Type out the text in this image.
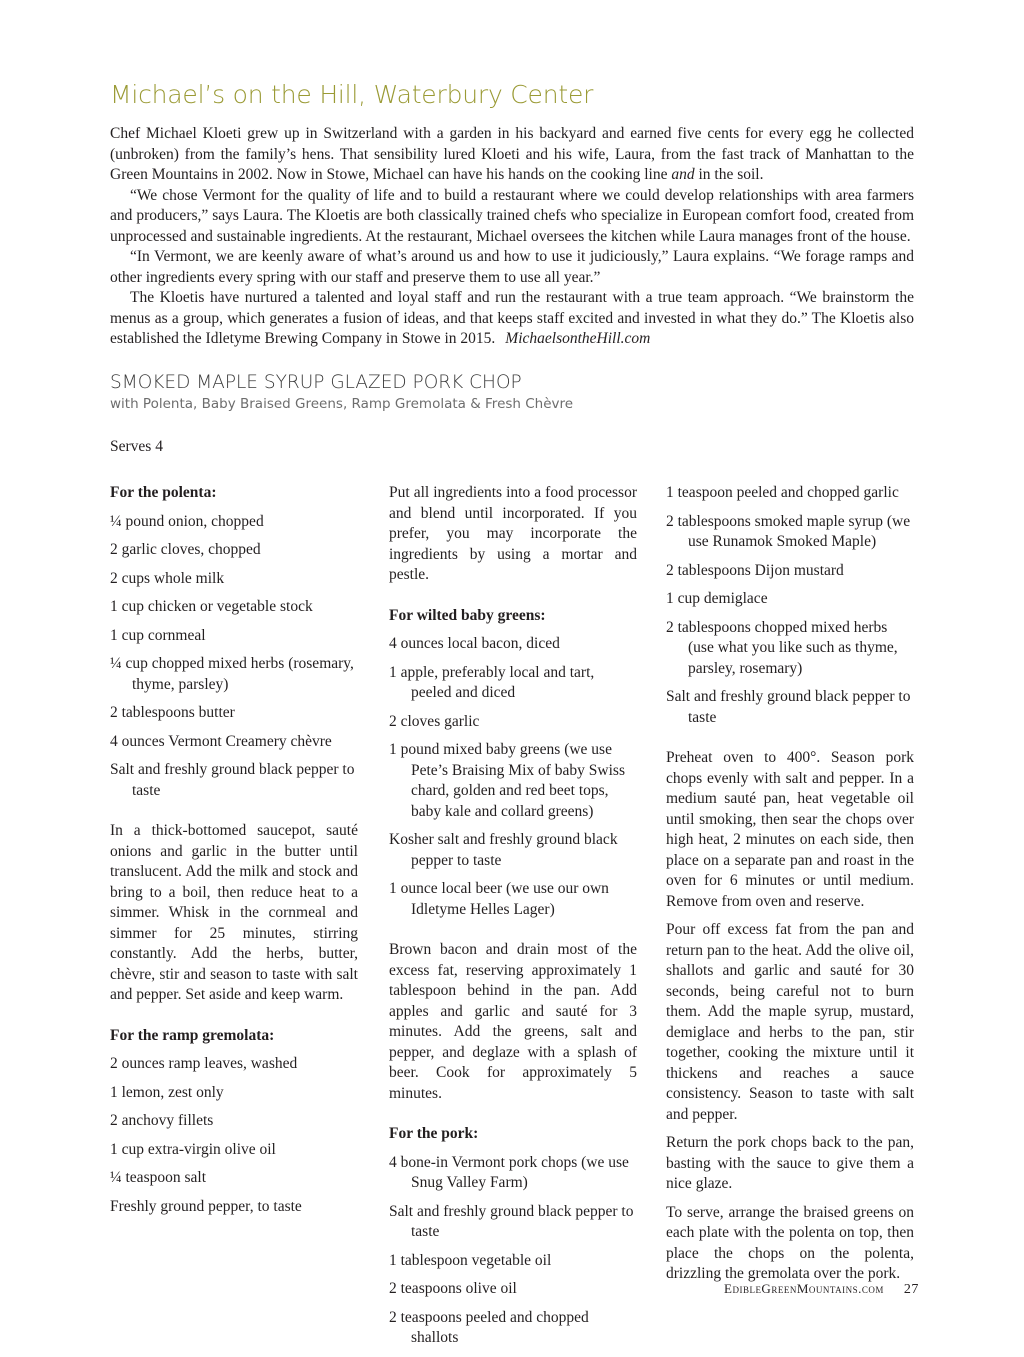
Michael’s on the Hill, Waterbury Center

Chef Michael Kloeti grew up in Switzerland with a garden in his backyard and earned five cents for every egg he collected (unbroken) from the family’s hens. That sensibility lured Kloeti and his wife, Laura, from the fast track of Manhattan to the Green Mountains in 2002. Now in Stowe, Michael can have his hands on the cooking line and in the soil.

“We chose Vermont for the quality of life and to build a restaurant where we could develop relationships with area farmers and producers,” says Laura. The Kloetis are both classically trained chefs who specialize in European comfort food, created from unprocessed and sustainable ingredients. At the restaurant, Michael oversees the kitchen while Laura manages front of the house.

“In Vermont, we are keenly aware of what’s around us and how to use it judiciously,” Laura explains. “We forage ramps and other ingredients every spring with our staff and preserve them to use all year.”

The Kloetis have nurtured a talented and loyal staff and run the restaurant with a true team approach. “We brainstorm the menus as a group, which generates a fusion of ideas, and that keeps staff excited and invested in what they do.” The Kloetis also established the Idletyme Brewing Company in Stowe in 2015. MichaelsontheHill.com

SMOKED MAPLE SYRUP GLAZED PORK CHOP

with Polenta, Baby Braised Greens, Ramp Gremolata & Fresh Chèvre

Serves 4

For the polenta:

¼ pound onion, chopped

2 garlic cloves, chopped

2 cups whole milk

1 cup chicken or vegetable stock

1 cup cornmeal

¼ cup chopped mixed herbs (rosemary, thyme, parsley)

2 tablespoons butter

4 ounces Vermont Creamery chèvre

Salt and freshly ground black pepper to taste

In a thick-bottomed saucepot, sauté onions and garlic in the butter until translucent. Add the milk and stock and bring to a boil, then reduce heat to a simmer. Whisk in the cornmeal and simmer for 25 minutes, stirring constantly. Add the herbs, butter, chèvre, stir and season to taste with salt and pepper. Set aside and keep warm.

For the ramp gremolata:

2 ounces ramp leaves, washed

1 lemon, zest only

2 anchovy fillets

1 cup extra-virgin olive oil

¼ teaspoon salt

Freshly ground pepper, to taste

Put all ingredients into a food processor and blend until incorporated. If you prefer, you may incorporate the ingredients by using a mortar and pestle.

For wilted baby greens:

4 ounces local bacon, diced

1 apple, preferably local and tart, peeled and diced

2 cloves garlic

1 pound mixed baby greens (we use Pete’s Braising Mix of baby Swiss chard, golden and red beet tops, baby kale and collard greens)

Kosher salt and freshly ground black pepper to taste

1 ounce local beer (we use our own Idletyme Helles Lager)

Brown bacon and drain most of the excess fat, reserving approximately 1 tablespoon behind in the pan. Add apples and garlic and sauté for 3 minutes. Add the greens, salt and pepper, and deglaze with a splash of beer. Cook for approximately 5 minutes.

For the pork:

4 bone-in Vermont pork chops (we use Snug Valley Farm)

Salt and freshly ground black pepper to taste

1 tablespoon vegetable oil

2 teaspoons olive oil

2 teaspoons peeled and chopped shallots

1 teaspoon peeled and chopped garlic

2 tablespoons smoked maple syrup (we use Runamok Smoked Maple)

2 tablespoons Dijon mustard

1 cup demiglace

2 tablespoons chopped mixed herbs (use what you like such as thyme, parsley, rosemary)

Salt and freshly ground black pepper to taste

Preheat oven to 400°. Season pork chops evenly with salt and pepper. In a medium sauté pan, heat vegetable oil until smoking, then sear the chops over high heat, 2 minutes on each side, then place on a separate pan and roast in the oven for 6 minutes or until medium. Remove from oven and reserve.

Pour off excess fat from the pan and return pan to the heat. Add the olive oil, shallots and garlic and sauté for 30 seconds, being careful not to burn them. Add the maple syrup, mustard, demiglace and herbs to the pan, stir together, cooking the mixture until it thickens and reaches a sauce consistency. Season to taste with salt and pepper.

Return the pork chops back to the pan, basting with the sauce to give them a nice glaze.

To serve, arrange the braised greens on each plate with the polenta on top, then place the chops on the polenta, drizzling the gremolata over the pork.

EdibleGreenMountains.com 27
